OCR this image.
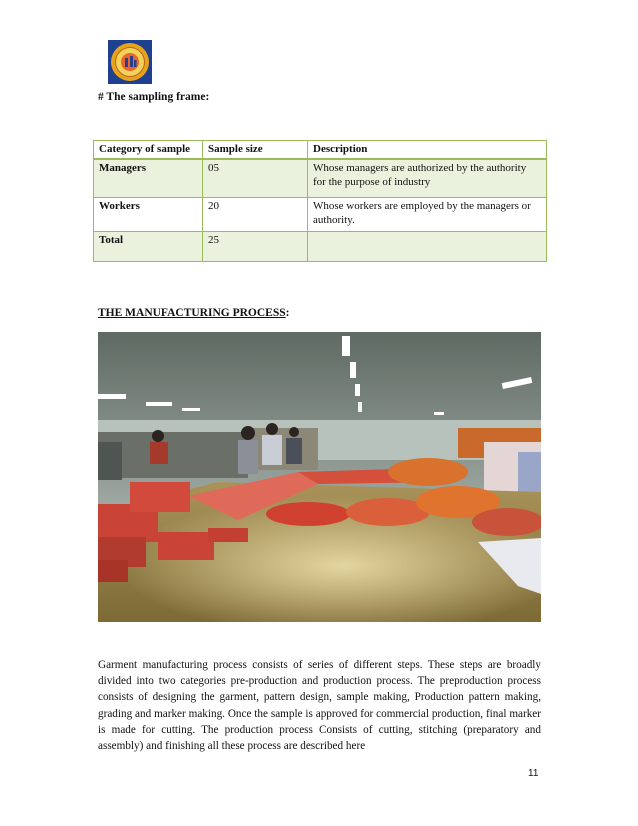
# The sampling frame:
Category of sample	Sample size	Description
Managers	05	Whose managers are authorized by the authority for the purpose of industry
Workers	20	Whose workers are employed by the managers or authority.
Total	25	
THE MANUFACTURING PROCESS:
Garment manufacturing process consists of series of different steps. These steps are broadly divided into two categories pre-production and production process. The preproduction process consists of designing the garment, pattern design, sample making, Production pattern making, grading and marker making. Once the sample is approved for commercial production, final marker is made for cutting. The production process Consists of cutting, stitching (preparatory and assembly) and finishing all these process are described here
11
